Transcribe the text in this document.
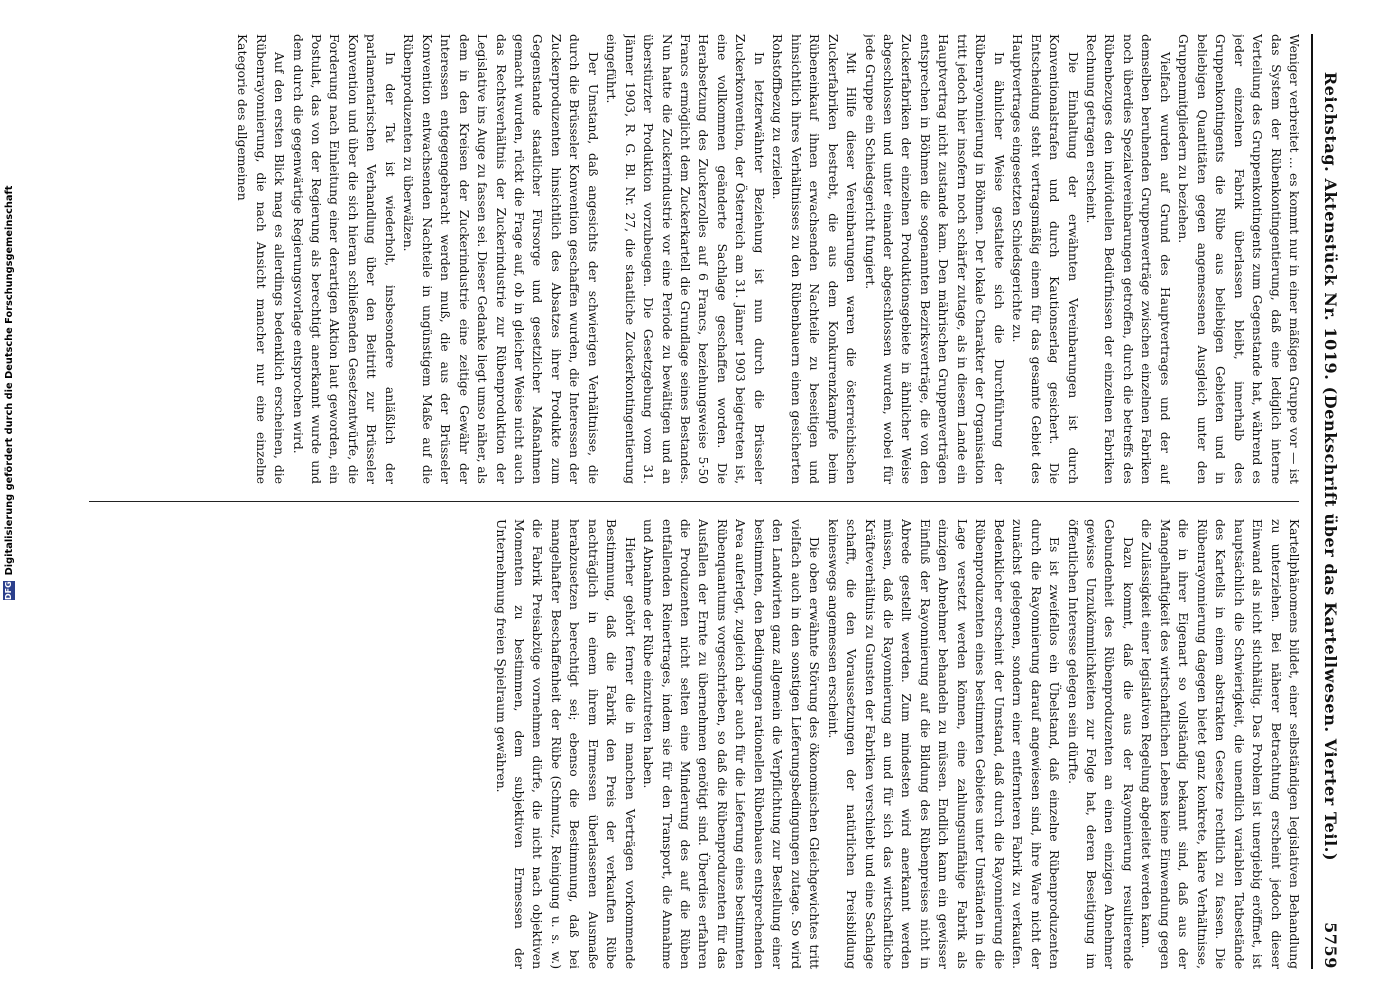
Reichstag. Aktenstück Nr. 1019. (Denkschrift über das Kartellwesen. Vierter Teil.)
5759

Weniger verbreitet ... es kommt nur in einer mäßigen Gruppe vor — ist das System der Rübenkontingentierung, daß eine lediglich interne Verteilung des Gruppenkontingents zum Gegenstande hat, während es jeder einzelnen Fabrik überlassen bleibt, innerhalb des Gruppenkontingents die Rübe aus beliebigen Gebieten und in beliebigen Quantitäten gegen angemessenen Ausgleich unter den Gruppenmitgliedern zu beziehen.

Vielfach wurden auf Grund des Hauptvertrages und der auf demselben beruhenden Gruppenverträge zwischen einzelnen Fabriken noch überdies Spezialvereinbarungen getroffen, durch die betreffs des Rübenbezuges den individuellen Bedürfnissen der einzelnen Fabriken Rechnung getragen erscheint.

Die Einhaltung der erwähnten Vereinbarungen ist durch Konventionalstrafen und durch Kautionserlag gesichert. Die Entscheidung steht vertragsmäßig einem für das gesamte Gebiet des Hauptvertrages eingesetzten Schiedsgerichte zu.

In ähnlicher Weise gestaltete sich die Durchführung der Rübenrayonnierung in Böhmen. Der lokale Charakter der Organisation tritt jedoch hier insofern noch schärfer zutage, als in diesem Lande ein Hauptvertrag nicht zustande kam. Den mährischen Gruppenverträgen entsprechen in Böhmen die sogenannten Bezirksverträge, die von den Zuckerfabriken der einzelnen Produktionsgebiete in ähnlicher Weise abgeschlossen und unter einander abgeschlossen wurden, wobei für jede Gruppe ein Schiedsgericht fungiert.

Mit Hilfe dieser Vereinbarungen waren die österreichischen Zuckerfabriken bestrebt, die aus dem Konkurrenzkampfe beim Rübeneinkauf ihnen erwachsenden Nachteile zu beseitigen und hinsichtlich ihres Verhältnisses zu den Rübenbauern einen gesicherten Rohstoffbezug zu erzielen.

In letzterwähnter Beziehung ist nun durch die Brüsseler Zuckerkonvention, der Österreich am 31. Jänner 1903 beigetreten ist, eine vollkommen geänderte Sachlage geschaffen worden. Die Herabsetzung des Zuckerzolles auf 6 Francs, beziehungsweise 5·50 Francs ermöglicht dem Zuckerkartell die Grundlage seines Bestandes. Nun hatte die Zuckerindustrie vor eine Periode zu bewältigen und an überstürzter Produktion vorzubeugen. Die Gesetzgebung vom 31. Jänner 1903, R. G. Bl. Nr. 27, die staatliche Zuckerkontingentierung eingeführt.

Der Umstand, daß angesichts der schwierigen Verhältnisse, die durch die Brüsseler Konvention geschaffen wurden, die Interessen der Zuckerproduzenten hinsichtlich des Absatzes ihrer Produkte zum Gegenstande staatlicher Fürsorge und gesetzlicher Maßnahmen gemacht wurden, rückt die Frage auf, ob in gleicher Weise nicht auch das Rechtsverhältnis der Zuckerindustrie zur Rübenproduktion der Legislative ins Auge zu fassen sei. Dieser Gedanke liegt umso näher, als dem in den Kreisen der Zuckerindustrie eine zeitige Gewähr der Interessen entgegengebracht werden muß, die aus der Brüsseler Konvention entwachsenden Nachteile in ungünstigem Maße auf die Rübenproduzenten zu überwälzen.

In der Tat ist wiederholt, insbesondere anläßlich der parlamentarischen Verhandlung über den Beitritt zur Brüsseler Konvention und über die sich hieran schließenden Gesetzentwürfe, die Forderung nach Einleitung einer derartigen Aktion laut geworden, ein Postulat, das von der Regierung als berechtigt anerkannt wurde und dem durch die gegenwärtige Regierungsvorlage entsprochen wird.

Auf den ersten Blick mag es allerdings bedenklich erscheinen, die Rübenrayonnierung, die nach Ansicht mancher nur eine einzelne Kategorie des allgemeinen

Kartellphänomens bildet, einer selbständigen legislativen Behandlung zu unterziehen. Bei näherer Betrachtung erscheint jedoch dieser Einwand als nicht stichhältig. Das Problem ist unergiebig eröffnet, ist hauptsächlich die Schwierigkeit, die unendlich variablen Tatbestände des Kartells in einem abstrakten Gesetze rechtlich zu fassen. Die Rübenrayonnierung dagegen bietet ganz konkrete, klare Verhältnisse, die in ihrer Eigenart so vollständig bekannt sind, daß aus der Mangelhaftigkeit des wirtschaftlichen Lebens keine Einwendung gegen die Zulässigkeit einer legislativen Regelung abgeleitet werden kann.

Dazu kommt, daß die aus der Rayonnierung resultierende Gebundenheit des Rübenproduzenten an einen einzigen Abnehmer gewisse Unzukömmlichkeiten zur Folge hat, deren Beseitigung im öffentlichen Interesse gelegen sein dürfte.

Es ist zweifellos ein Übelstand, daß einzelne Rübenproduzenten durch die Rayonnierung darauf angewiesen sind, ihre Ware nicht der zunächst gelegenen, sondern einer entfernteren Fabrik zu verkaufen. Bedenklicher erscheint der Umstand, daß durch die Rayonnierung die Rübenproduzenten eines bestimmten Gebietes unter Umständen in die Lage versetzt werden können, eine zahlungsunfähige Fabrik als einzigen Abnehmer behandeln zu müssen. Endlich kann ein gewisser Einfluß der Rayonnierung auf die Bildung des Rübenpreises nicht in Abrede gestellt werden. Zum mindesten wird anerkannt werden müssen, daß die Rayonnierung an und für sich das wirtschaftliche Kräfteverhältnis zu Gunsten der Fabriken verschiebt und eine Sachlage schafft, die den Voraussetzungen der natürlichen Preisbildung keineswegs angemessen erscheint.

Die oben erwähnte Störung des ökonomischen Gleichgewichtes tritt vielfach auch in den sonstigen Lieferungsbedingungen zutage. So wird den Landwirten ganz allgemein die Verpflichtung zur Bestellung einer bestimmten, den Bedingungen rationellen Rübenbaues entsprechenden Area auferlegt, zugleich aber auch für die Lieferung eines bestimmten Rübenquantums vorgeschrieben, so daß die Rübenproduzenten für das Ausfallen der Ernte zu übernehmen genötigt sind. Überdies erfahren die Produzenten nicht selten eine Minderung des auf die Rüben entfallenden Reinertrages, indem sie für den Transport, die Annahme und Abnahme der Rübe einzutreten haben.

Hierher gehört ferner die in manchen Verträgen vorkommende Bestimmung, daß die Fabrik den Preis der verkauften Rübe nachträglich in einem ihrem Ermessen überlassenen Ausmaße herabzusetzen berechtigt sei; ebenso die Bestimmung, daß bei mangelhafter Beschaffenheit der Rübe (Schmutz, Reinigung u. s. w.) die Fabrik Preisabzüge vornehmen dürfe, die nicht nach objektiven Momenten zu bestimmen, dem subjektiven Ermessen der Unternehmung freien Spielraum gewähren.

DFG
Digitalisierung gefördert durch die Deutsche Forschungsgemeinschaft
